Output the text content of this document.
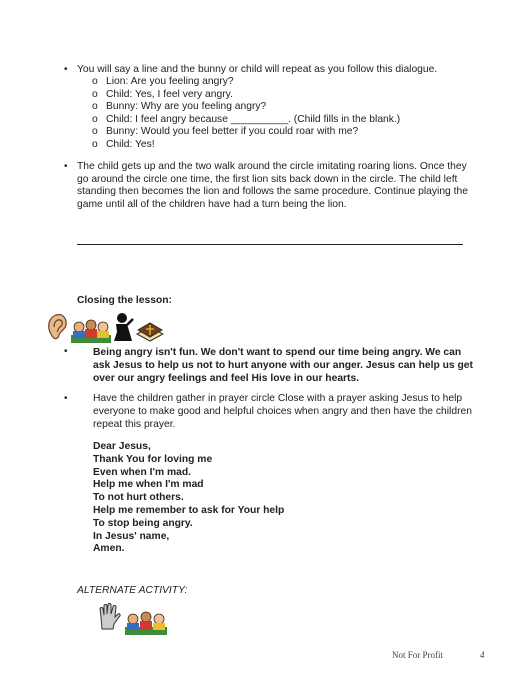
• You will say a line and the bunny or child will repeat as you follow this dialogue.
o Lion: Are you feeling angry?
o Child: Yes, I feel very angry.
o Bunny: Why are you feeling angry?
o Child: I feel angry because __________. (Child fills in the blank.)
o Bunny: Would you feel better if you could roar with me?
o Child: Yes!
• The child gets up and the two walk around the circle imitating roaring lions. Once they
go around the circle one time, the first lion sits back down in the circle. The child left
standing then becomes the lion and follows the same procedure. Continue playing the
game until all of the children have had a turn being the lion.
Closing the lesson:
• Being angry isn't fun. We don't want to spend our time being angry. We can
ask Jesus to help us not to hurt anyone with our anger. Jesus can help us get
over our angry feelings and feel His love in our hearts.
• Have the children gather in prayer circle Close with a prayer asking Jesus to help
everyone to make good and helpful choices when angry and then have the children
repeat this prayer.
Dear Jesus,
Thank You for loving me
Even when I'm mad.
Help me when I'm mad
To not hurt others.
Help me remember to ask for Your help
To stop being angry.
In Jesus' name,
Amen.
ALTERNATE ACTIVITY:
Not For Profit	4
